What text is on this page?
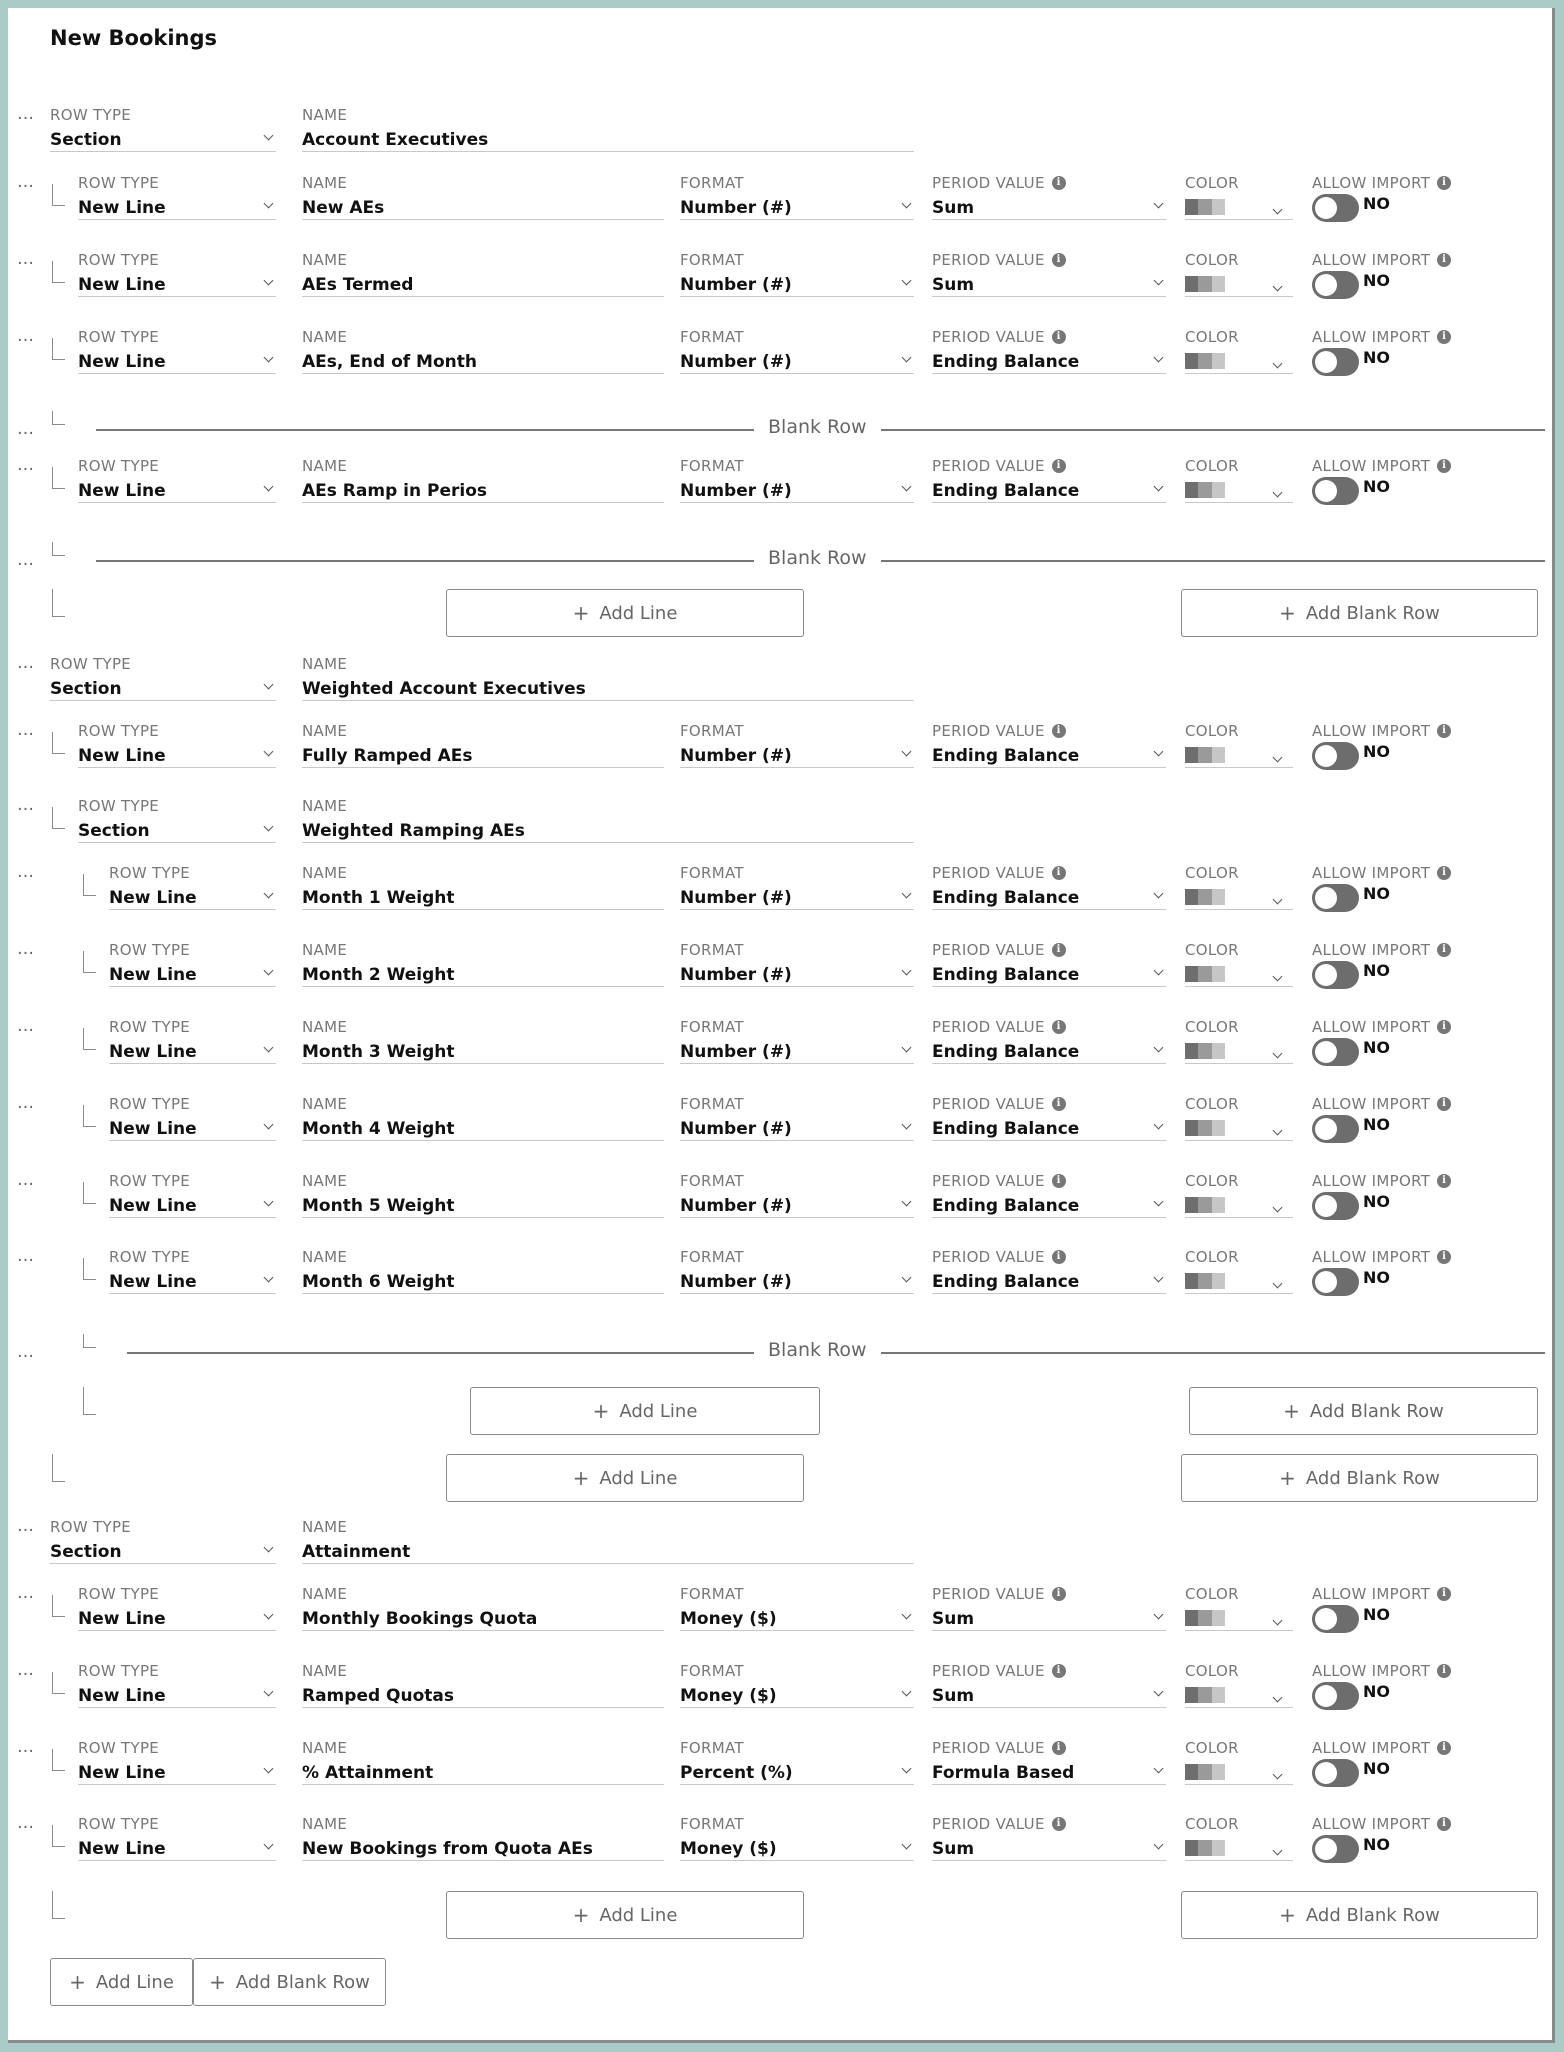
New Bookings
… ROW TYPE
Section
NAME
Account Executives
…	ROW TYPE
New Line
NAME
New AEs
FORMAT
Number (#)
PERIOD VALUE	i
Sum
COLOR	ALLOW IMPORT	i
NO
…	ROW TYPE
New Line
NAME
AEs Termed
FORMAT
Number (#)
PERIOD VALUE	i
Sum
COLOR	ALLOW IMPORT	i
NO
…	ROW TYPE
New Line
NAME
AEs, End of Month
FORMAT
Number (#)
PERIOD VALUE	i
Ending Balance
COLOR	ALLOW IMPORT	i
NO
…	Blank Row
…	ROW TYPE
New Line
NAME
AEs Ramp in Perios
FORMAT
Number (#)
PERIOD VALUE	i
Ending Balance
COLOR	ALLOW IMPORT	i
NO
…	Blank Row
+ Add Line	+ Add Blank Row
… ROW TYPE
Section
NAME
Weighted Account Executives
…	ROW TYPE
New Line
NAME
Fully Ramped AEs
FORMAT
Number (#)
PERIOD VALUE	i
Ending Balance
COLOR	ALLOW IMPORT	i
NO
…	ROW TYPE
Section
NAME
Weighted Ramping AEs
…	ROW TYPE
New Line
NAME
Month 1 Weight
FORMAT
Number (#)
PERIOD VALUE	i
Ending Balance
COLOR	ALLOW IMPORT	i
NO
…	ROW TYPE
New Line
NAME
Month 2 Weight
FORMAT
Number (#)
PERIOD VALUE	i
Ending Balance
COLOR	ALLOW IMPORT	i
NO
…	ROW TYPE
New Line
NAME
Month 3 Weight
FORMAT
Number (#)
PERIOD VALUE	i
Ending Balance
COLOR	ALLOW IMPORT	i
NO
…	ROW TYPE
New Line
NAME
Month 4 Weight
FORMAT
Number (#)
PERIOD VALUE	i
Ending Balance
COLOR	ALLOW IMPORT	i
NO
…	ROW TYPE
New Line
NAME
Month 5 Weight
FORMAT
Number (#)
PERIOD VALUE	i
Ending Balance
COLOR	ALLOW IMPORT	i
NO
…	ROW TYPE
New Line
NAME
Month 6 Weight
FORMAT
Number (#)
PERIOD VALUE	i
Ending Balance
COLOR	ALLOW IMPORT	i
NO
…	Blank Row
+ Add Line	+ Add Blank Row
+ Add Line	+ Add Blank Row
… ROW TYPE
Section
NAME
Attainment
…	ROW TYPE
New Line
NAME
Monthly Bookings Quota
FORMAT
Money ($)
PERIOD VALUE	i
Sum
COLOR	ALLOW IMPORT	i
NO
…	ROW TYPE
New Line
NAME
Ramped Quotas
FORMAT
Money ($)
PERIOD VALUE	i
Sum
COLOR	ALLOW IMPORT	i
NO
…	ROW TYPE
New Line
NAME
% Attainment
FORMAT
Percent (%)
PERIOD VALUE	i
Formula Based
COLOR	ALLOW IMPORT	i
NO
…	ROW TYPE
New Line
NAME
New Bookings from Quota AEs
FORMAT
Money ($)
PERIOD VALUE	i
Sum
COLOR	ALLOW IMPORT	i
NO
+ Add Line	+ Add Blank Row
+ Add Line + Add Blank Row
